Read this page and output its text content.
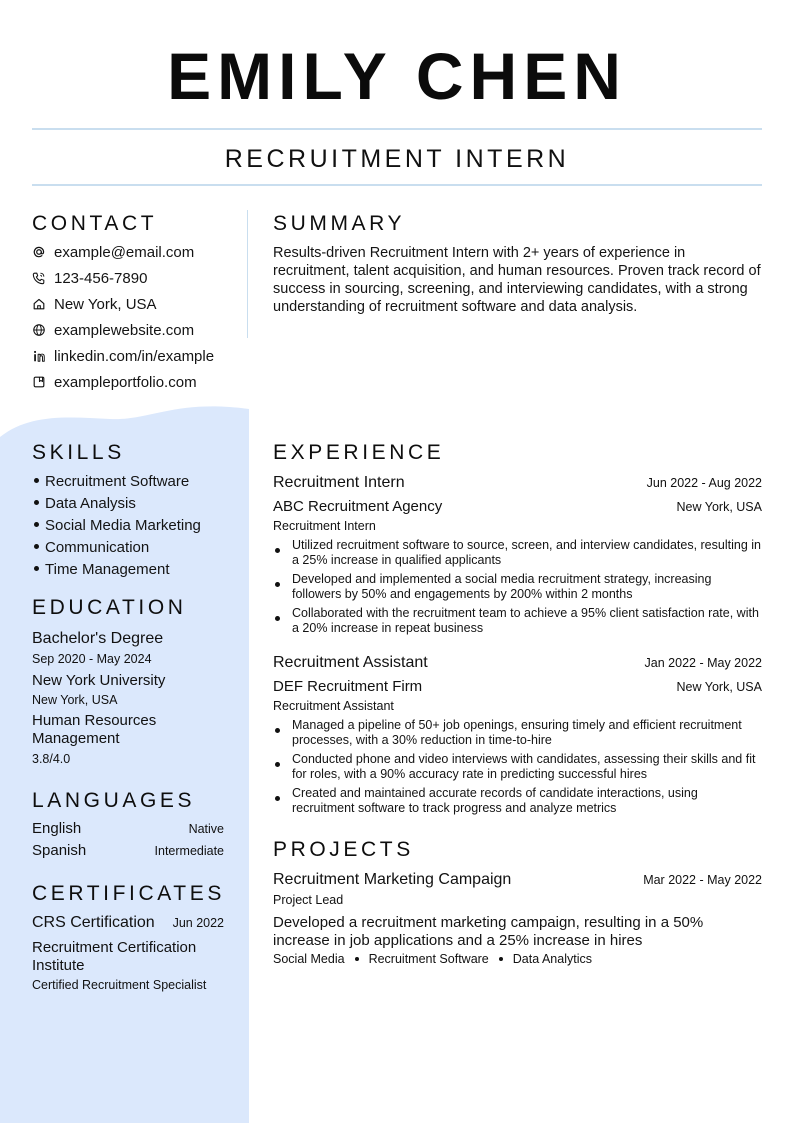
EMILY CHEN
RECRUITMENT INTERN
CONTACT
example@email.com
123-456-7890
New York, USA
examplewebsite.com
linkedin.com/in/example
exampleportfolio.com
SKILLS
Recruitment Software
Data Analysis
Social Media Marketing
Communication
Time Management
EDUCATION
Bachelor's Degree
Sep 2020 - May 2024
New York University
New York, USA
Human Resources Management
3.8/4.0
LANGUAGES
English	Native
Spanish	Intermediate
CERTIFICATES
CRS Certification Jun 2022
Recruitment Certification Institute
Certified Recruitment Specialist
SUMMARY
Results-driven Recruitment Intern with 2+ years of experience in recruitment, talent acquisition, and human resources. Proven track record of success in sourcing, screening, and interviewing candidates, with a strong understanding of recruitment software and data analysis.
EXPERIENCE
Recruitment Intern	Jun 2022 - Aug 2022
ABC Recruitment Agency	New York, USA
Recruitment Intern
Utilized recruitment software to source, screen, and interview candidates, resulting in a 25% increase in qualified applicants
Developed and implemented a social media recruitment strategy, increasing followers by 50% and engagements by 200% within 2 months
Collaborated with the recruitment team to achieve a 95% client satisfaction rate, with a 20% increase in repeat business
Recruitment Assistant	Jan 2022 - May 2022
DEF Recruitment Firm	New York, USA
Recruitment Assistant
Managed a pipeline of 50+ job openings, ensuring timely and efficient recruitment processes, with a 30% reduction in time-to-hire
Conducted phone and video interviews with candidates, assessing their skills and fit for roles, with a 90% accuracy rate in predicting successful hires
Created and maintained accurate records of candidate interactions, using recruitment software to track progress and analyze metrics
PROJECTS
Recruitment Marketing Campaign	Mar 2022 - May 2022
Project Lead
Developed a recruitment marketing campaign, resulting in a 50% increase in job applications and a 25% increase in hires
Social Media Recruitment Software Data Analytics
